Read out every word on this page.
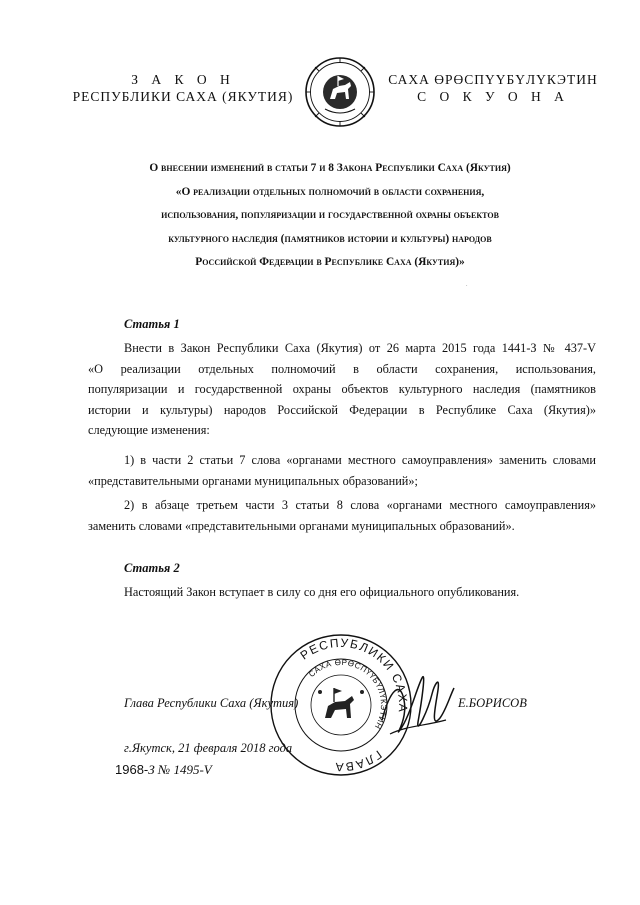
З А К О Н
РЕСПУБЛИКИ САХА (ЯКУТИЯ)
САХА ӨРӨСПҮҮБҮЛҮКЭТИН
С О К У О Н А
О внесении изменений в статьи 7 и 8 Закона Республики Саха (Якутия)
«О реализации отдельных полномочий в области сохранения,
использования, популяризации и государственной охраны объектов
культурного наследия (памятников истории и культуры) народов
Российской Федерации в Республике Саха (Якутия)»
.
Статья 1
Внести в Закон Республики Саха (Якутия) от 26 марта 2015 года 1441-З № 437-V
«О реализации отдельных полномочий в области сохранения, использования,
популяризации и государственной охраны объектов культурного наследия (памятников
истории и культуры) народов Российской Федерации в Республике Саха (Якутия)»
следующие изменения:
1) в части 2 статьи 7 слова «органами местного самоуправления» заменить словами
«представительными органами муниципальных образований»;
2) в абзаце третьем части 3 статьи 8 слова «органами местного самоуправления»
заменить словами «представительными органами муниципальных образований».
Статья 2
Настоящий Закон вступает в силу со дня его официального опубликования.
Глава Республики Саха (Якутия)	Е.БОРИСОВ
г.Якутск, 21 февраля 2018 года
1968-З № 1495-V
РЕСПУБЛИКИ САХА
ГЛАВА
САХА ӨРӨСПҮҮБҮЛҮКЭТИН
